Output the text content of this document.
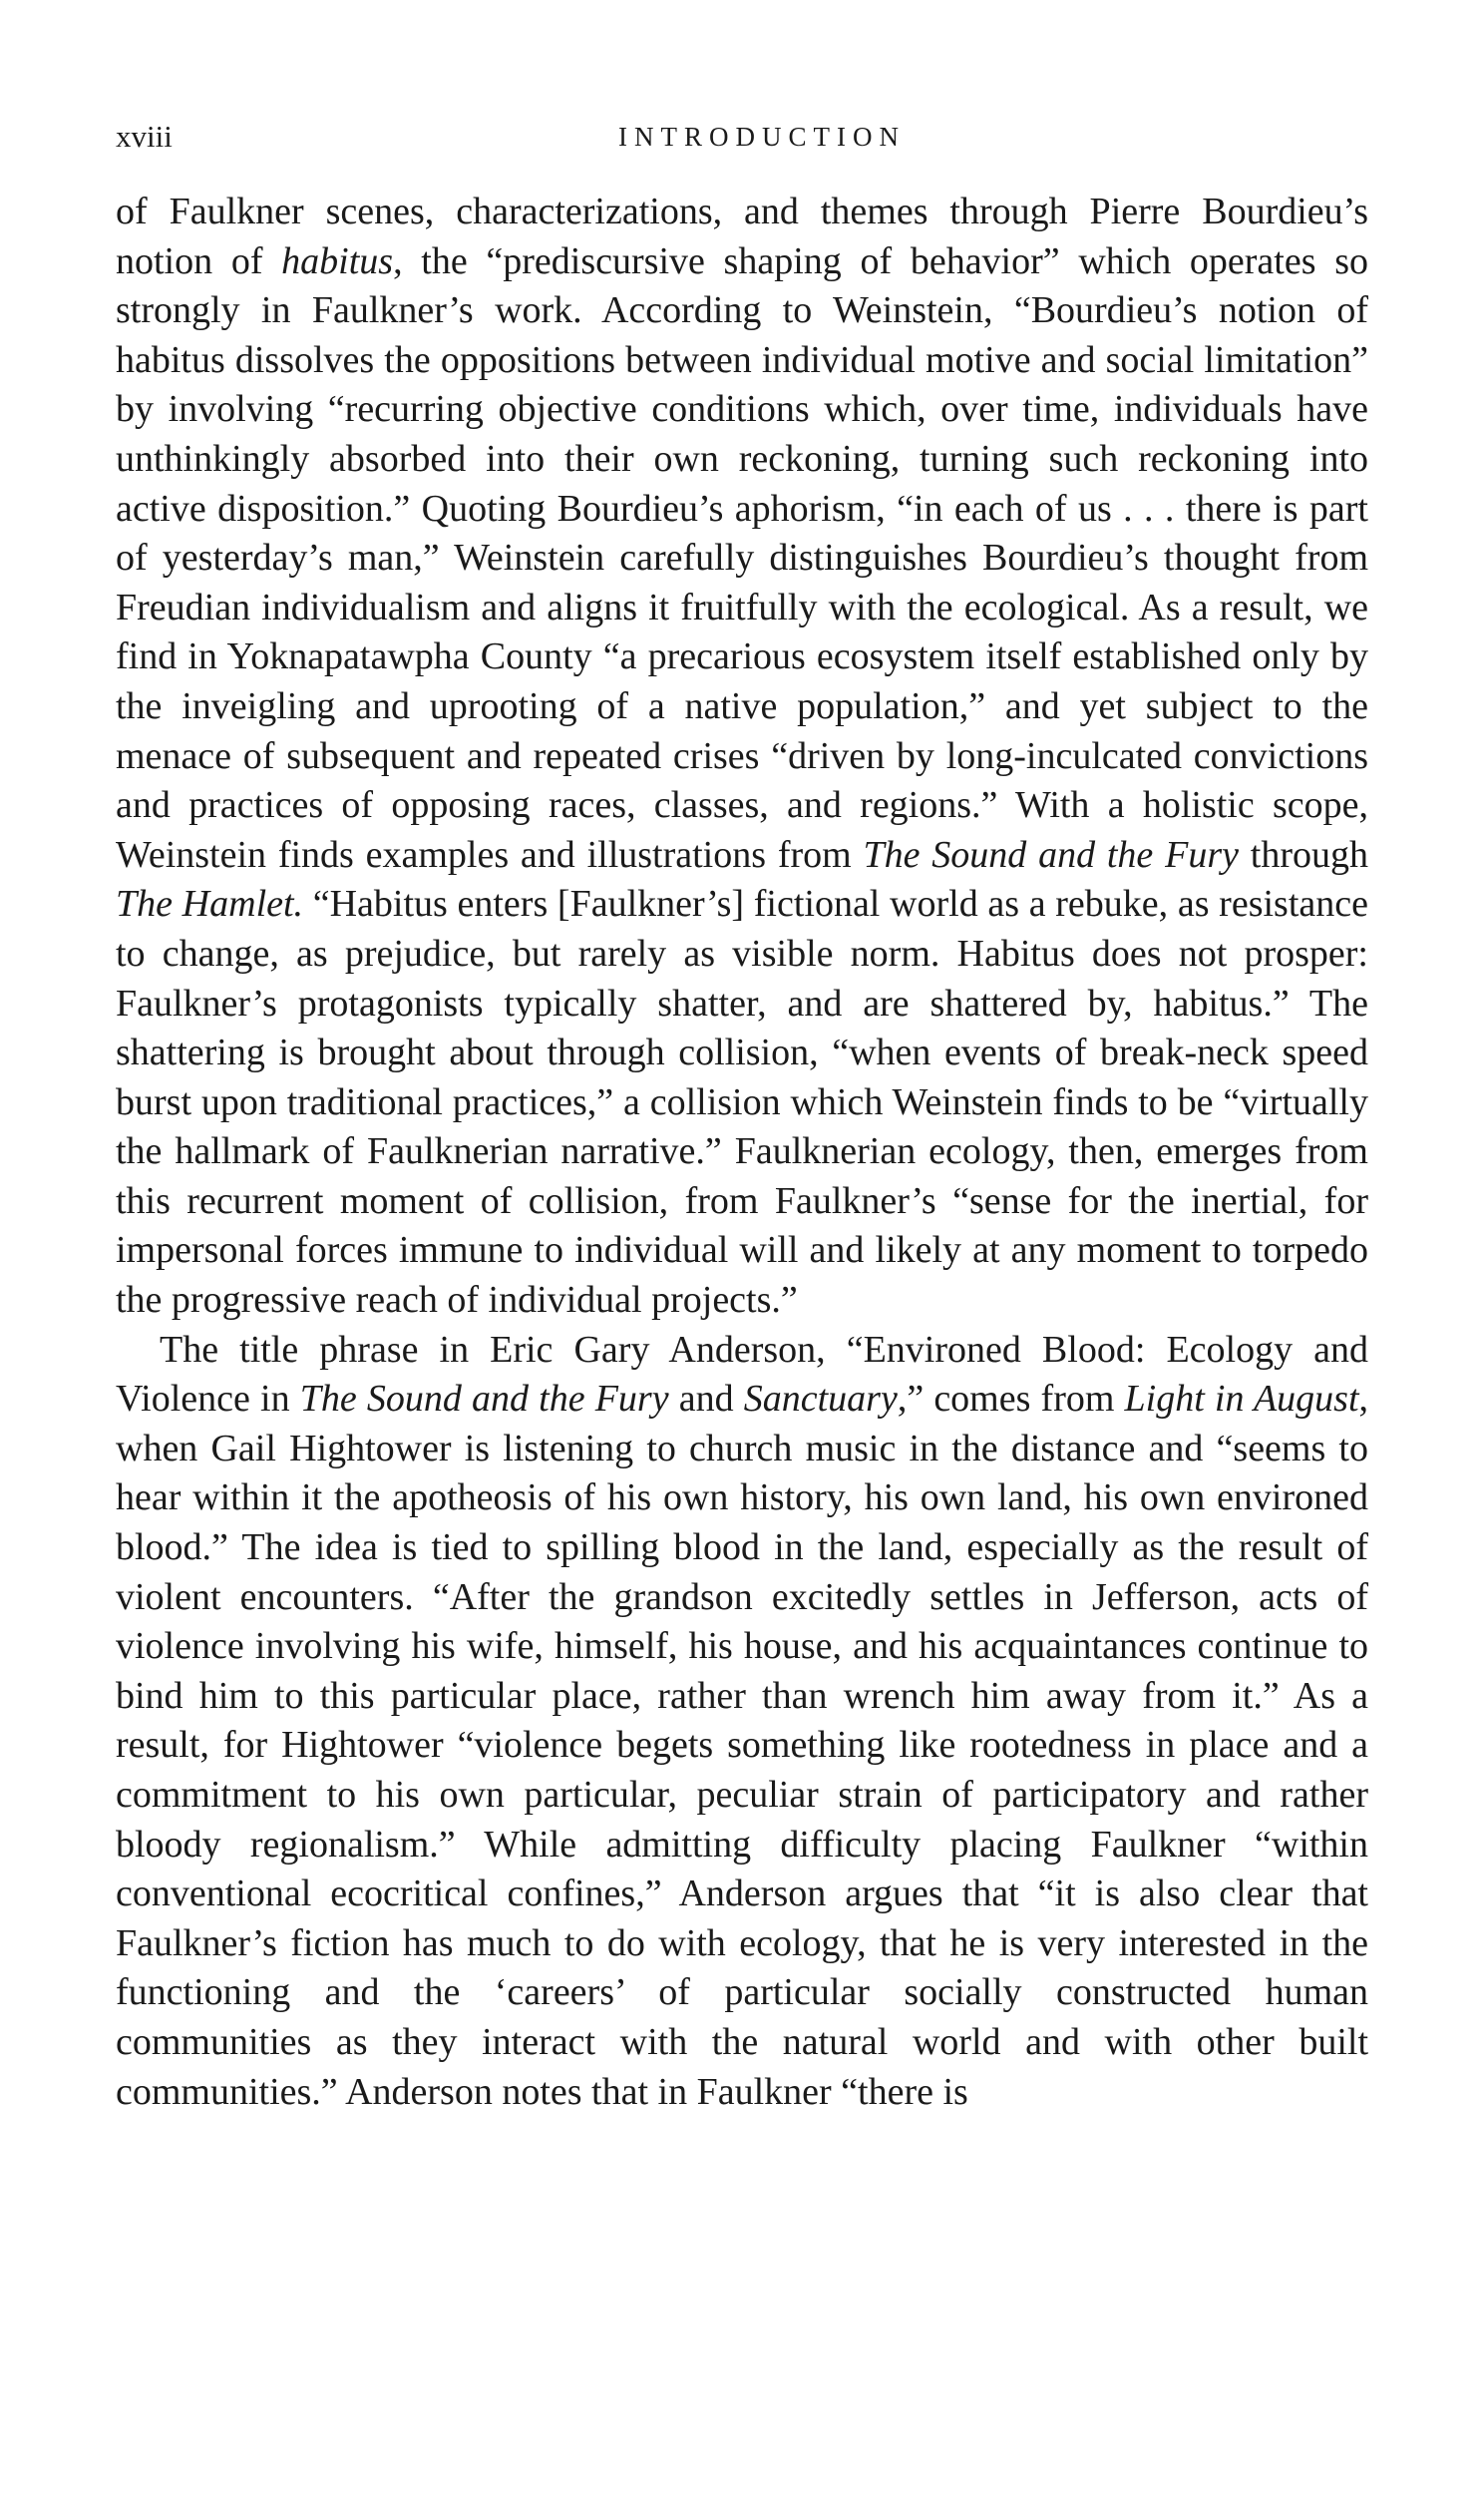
xviii	INTRODUCTION

of Faulkner scenes, characterizations, and themes through Pierre Bourdieu’s notion of habitus, the “prediscursive shaping of behavior” which operates so strongly in Faulkner’s work. According to Weinstein, “Bourdieu’s notion of habitus dissolves the oppositions between individual motive and social limitation” by involving “recurring objective conditions which, over time, individuals have unthinkingly absorbed into their own reckoning, turning such reckoning into active disposition.” Quoting Bourdieu’s aphorism, “in each of us . . . there is part of yesterday’s man,” Weinstein carefully distinguishes Bourdieu’s thought from Freudian individualism and aligns it fruitfully with the ecological. As a result, we find in Yoknapatawpha County “a precarious ecosystem itself established only by the inveigling and uprooting of a native population,” and yet subject to the menace of subsequent and repeated crises “driven by long-inculcated convictions and practices of opposing races, classes, and regions.” With a holistic scope, Weinstein finds examples and illustrations from The Sound and the Fury through The Hamlet. “Habitus enters [Faulkner’s] fictional world as a rebuke, as resistance to change, as prejudice, but rarely as visible norm. Habitus does not prosper: Faulkner’s protagonists typically shatter, and are shattered by, habitus.” The shattering is brought about through collision, “when events of break-neck speed burst upon traditional practices,” a collision which Weinstein finds to be “virtually the hallmark of Faulknerian narrative.” Faulknerian ecology, then, emerges from this recurrent moment of collision, from Faulkner’s “sense for the inertial, for impersonal forces immune to individual will and likely at any moment to torpedo the progressive reach of individual projects.”

The title phrase in Eric Gary Anderson, “Environed Blood: Ecology and Violence in The Sound and the Fury and Sanctuary,” comes from Light in August, when Gail Hightower is listening to church music in the distance and “seems to hear within it the apotheosis of his own history, his own land, his own environed blood.” The idea is tied to spilling blood in the land, especially as the result of violent encounters. “After the grandson excitedly settles in Jefferson, acts of violence involving his wife, himself, his house, and his acquaintances continue to bind him to this particular place, rather than wrench him away from it.” As a result, for Hightower “violence begets something like rootedness in place and a commitment to his own particular, peculiar strain of participatory and rather bloody regionalism.” While admitting difficulty placing Faulkner “within conventional ecocritical confines,” Anderson argues that “it is also clear that Faulkner’s fiction has much to do with ecology, that he is very interested in the functioning and the ‘careers’ of particular socially constructed human communities as they interact with the natural world and with other built communities.” Anderson notes that in Faulkner “there is
